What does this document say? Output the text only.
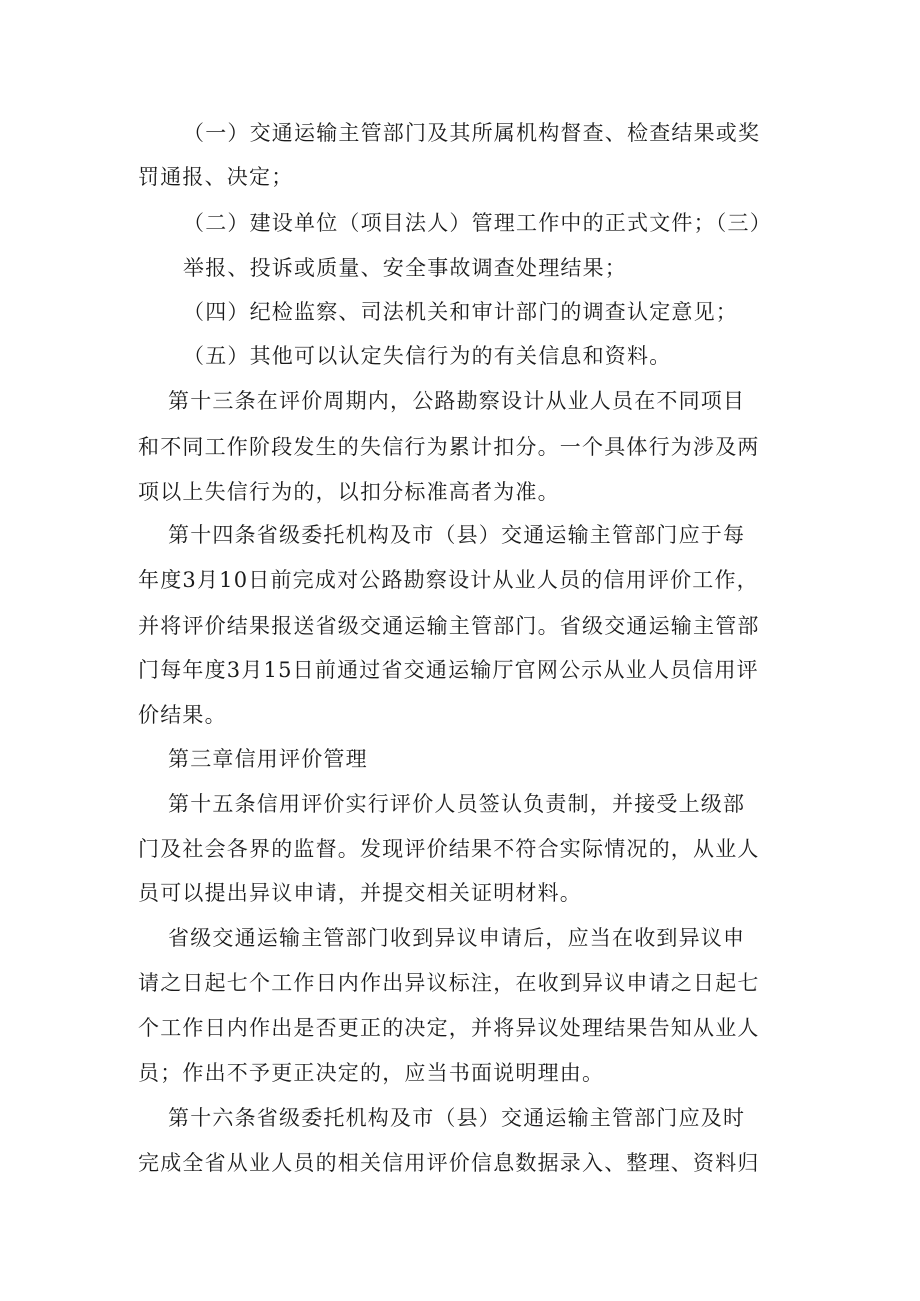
（一）交通运输主管部门及其所属机构督查、检查结果或奖
罚通报、决定；
（二）建设单位（项目法人）管理工作中的正式文件；（三）
举报、投诉或质量、安全事故调查处理结果；
（四）纪检监察、司法机关和审计部门的调查认定意见；
（五）其他可以认定失信行为的有关信息和资料。
第十三条在评价周期内，公路勘察设计从业人员在不同项目
和不同工作阶段发生的失信行为累计扣分。一个具体行为涉及两
项以上失信行为的，以扣分标准高者为准。
第十四条省级委托机构及市（县）交通运输主管部门应于每
年度3月10日前完成对公路勘察设计从业人员的信用评价工作，
并将评价结果报送省级交通运输主管部门。省级交通运输主管部
门每年度3月15日前通过省交通运输厅官网公示从业人员信用评
价结果。
第三章信用评价管理
第十五条信用评价实行评价人员签认负责制，并接受上级部
门及社会各界的监督。发现评价结果不符合实际情况的，从业人
员可以提出异议申请，并提交相关证明材料。
省级交通运输主管部门收到异议申请后，应当在收到异议申
请之日起七个工作日内作出异议标注，在收到异议申请之日起七
个工作日内作出是否更正的决定，并将异议处理结果告知从业人
员；作出不予更正决定的，应当书面说明理由。
第十六条省级委托机构及市（县）交通运输主管部门应及时
完成全省从业人员的相关信用评价信息数据录入、整理、资料归
